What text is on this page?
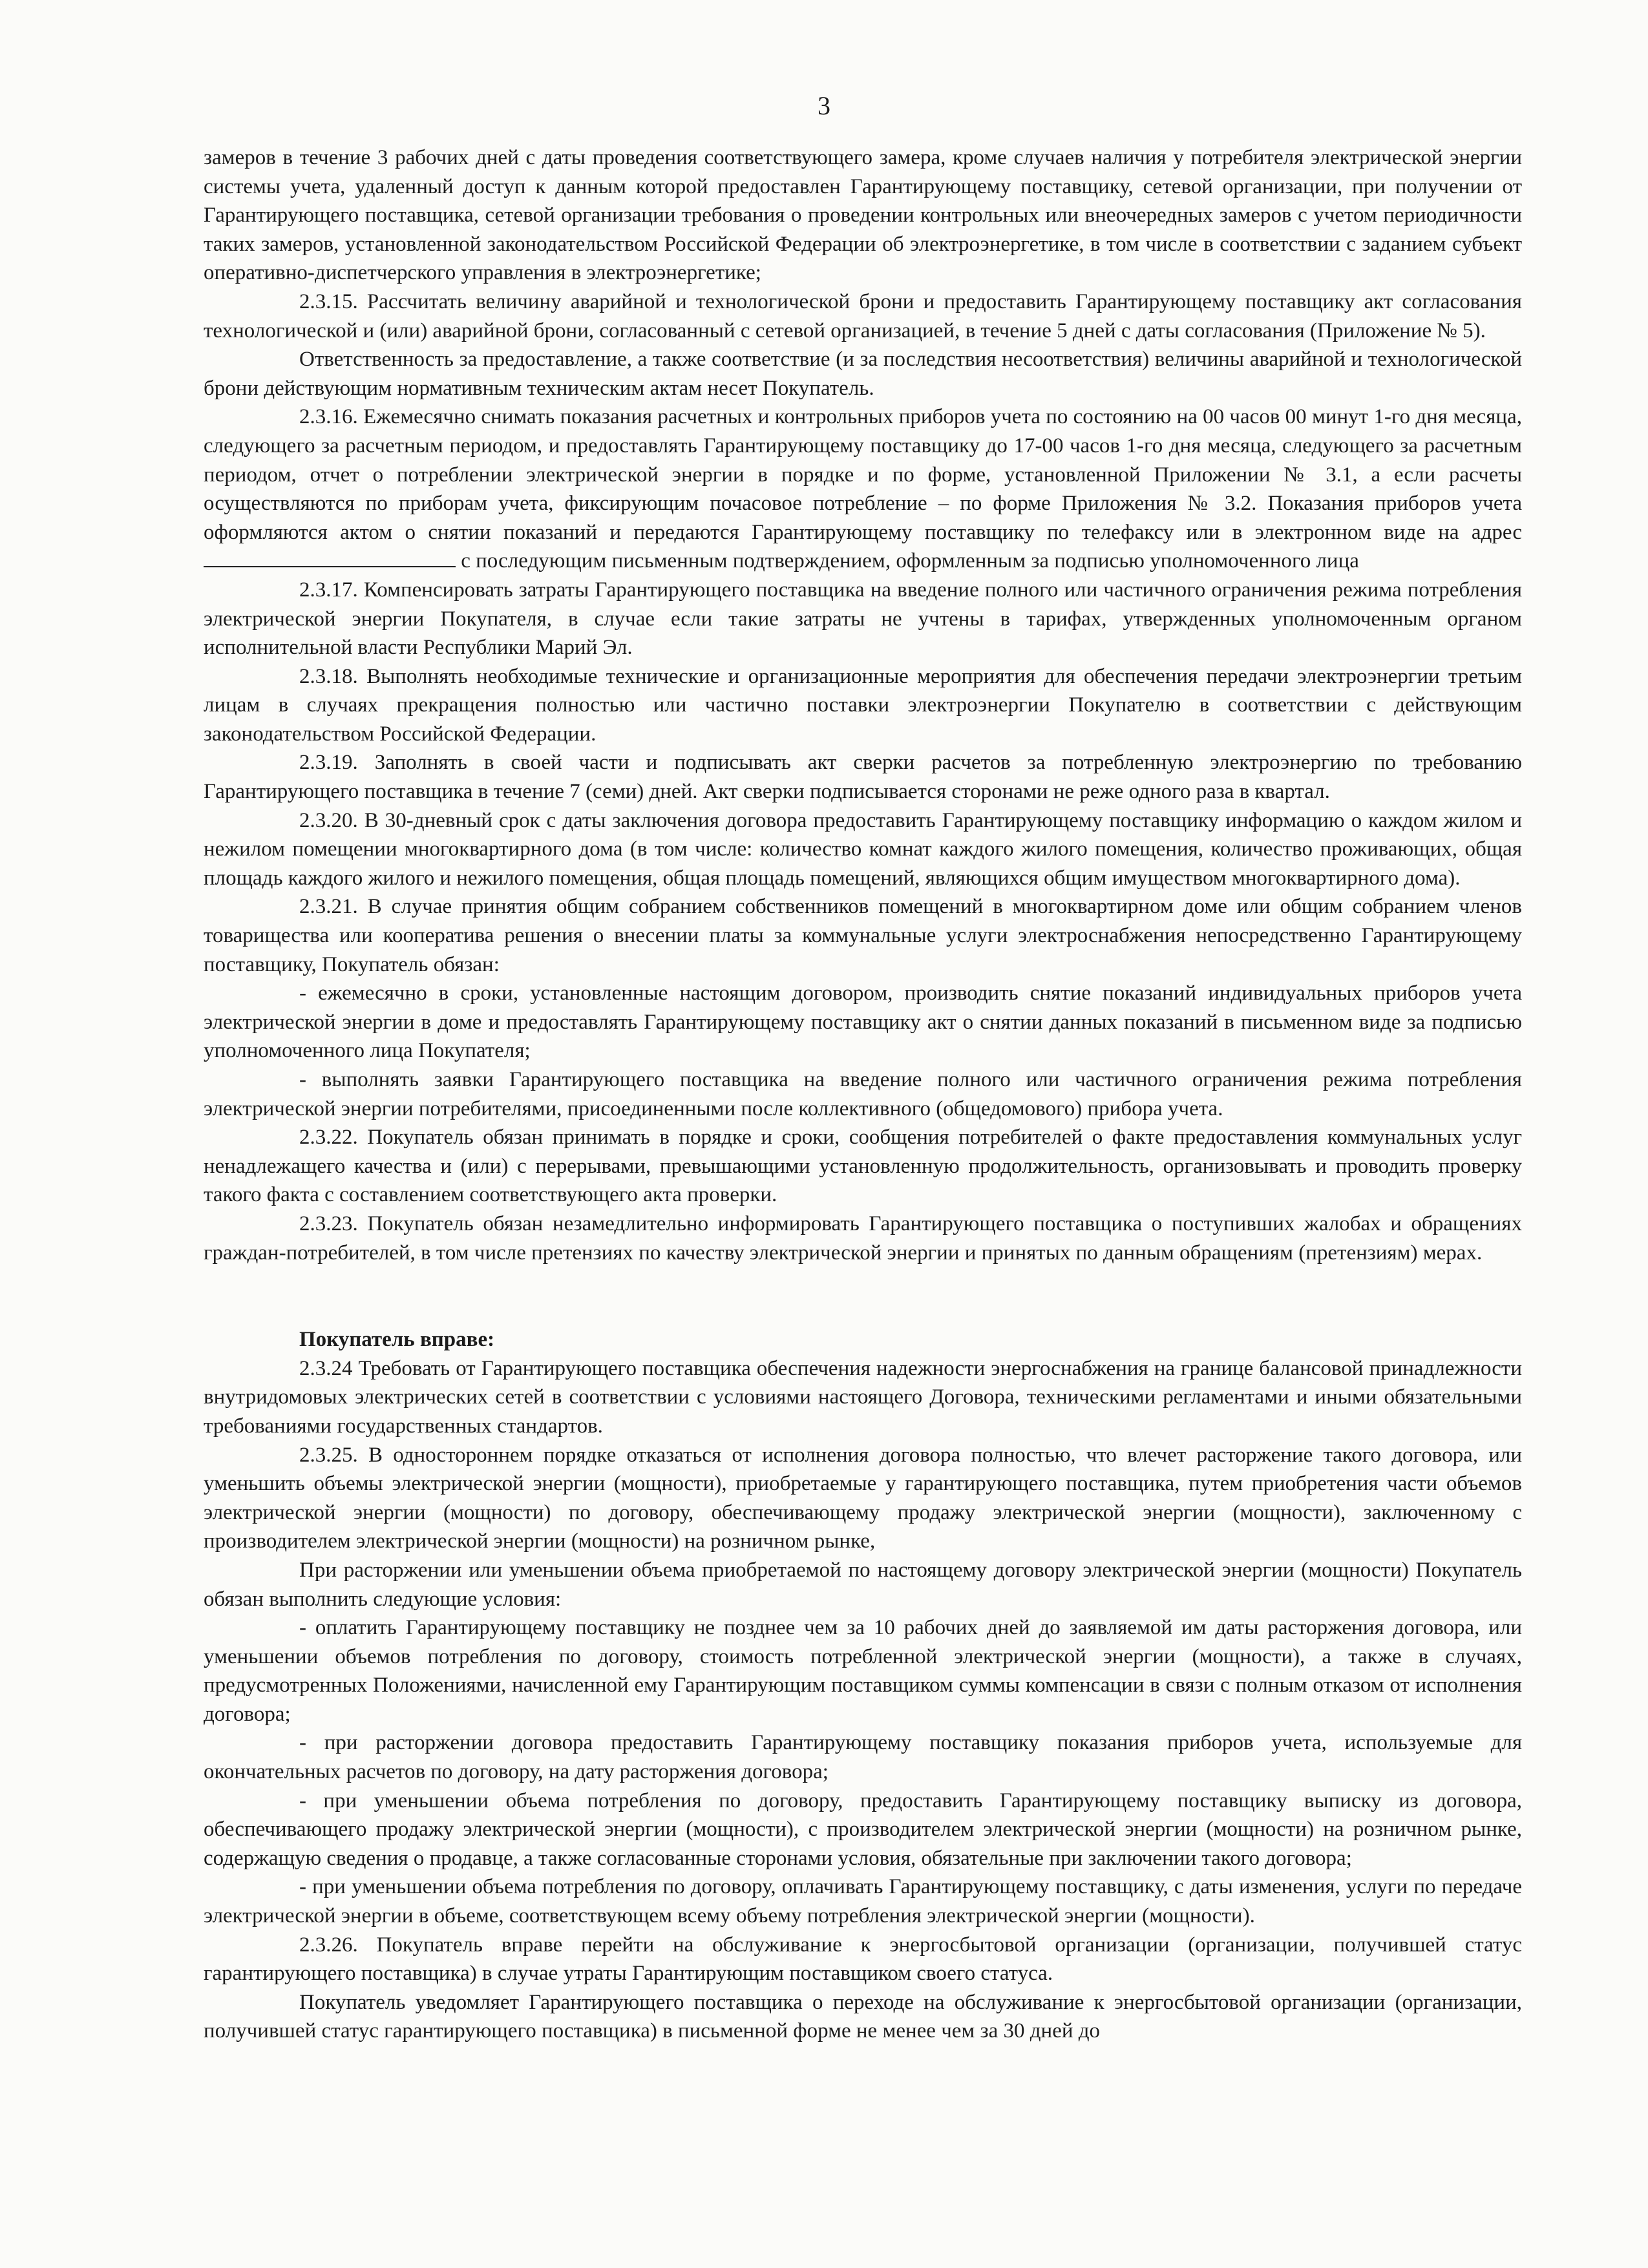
3

замеров в течение 3 рабочих дней с даты проведения соответствующего замера, кроме случаев наличия у потребителя электрической энергии системы учета, удаленный доступ к данным которой предоставлен Гарантирующему поставщику, сетевой организации, при получении от Гарантирующего поставщика, сетевой организации требования о проведении контрольных или внеочередных замеров с учетом периодичности таких замеров, установленной законодательством Российской Федерации об электроэнергетике, в том числе в соответствии с заданием субъект оперативно-диспетчерского управления в электроэнергетике;

2.3.15. Рассчитать величину аварийной и технологической брони и предоставить Гарантирующему поставщику акт согласования технологической и (или) аварийной брони, согласованный с сетевой организацией, в течение 5 дней с даты согласования (Приложение № 5).

Ответственность за предоставление, а также соответствие (и за последствия несоответствия) величины аварийной и технологической брони действующим нормативным техническим актам несет Покупатель.

2.3.16. Ежемесячно снимать показания расчетных и контрольных приборов учета по состоянию на 00 часов 00 минут 1-го дня месяца, следующего за расчетным периодом, и предоставлять Гарантирующему поставщику до 17-00 часов 1-го дня месяца, следующего за расчетным периодом, отчет о потреблении электрической энергии в порядке и по форме, установленной Приложении № 3.1, а если расчеты осуществляются по приборам учета, фиксирующим почасовое потребление – по форме Приложения № 3.2. Показания приборов учета оформляются актом о снятии показаний и передаются Гарантирующему поставщику по телефаксу или в электронном виде на адрес с последующим письменным подтверждением, оформленным за подписью уполномоченного лица

2.3.17. Компенсировать затраты Гарантирующего поставщика на введение полного или частичного ограничения режима потребления электрической энергии Покупателя, в случае если такие затраты не учтены в тарифах, утвержденных уполномоченным органом исполнительной власти Республики Марий Эл.

2.3.18. Выполнять необходимые технические и организационные мероприятия для обеспечения передачи электроэнергии третьим лицам в случаях прекращения полностью или частично поставки электроэнергии Покупателю в соответствии с действующим законодательством Российской Федерации.

2.3.19. Заполнять в своей части и подписывать акт сверки расчетов за потребленную электроэнергию по требованию Гарантирующего поставщика в течение 7 (семи) дней. Акт сверки подписывается сторонами не реже одного раза в квартал.

2.3.20. В 30-дневный срок с даты заключения договора предоставить Гарантирующему поставщику информацию о каждом жилом и нежилом помещении многоквартирного дома (в том числе: количество комнат каждого жилого помещения, количество проживающих, общая площадь каждого жилого и нежилого помещения, общая площадь помещений, являющихся общим имуществом многоквартирного дома).

2.3.21. В случае принятия общим собранием собственников помещений в многоквартирном доме или общим собранием членов товарищества или кооператива решения о внесении платы за коммунальные услуги электроснабжения непосредственно Гарантирующему поставщику, Покупатель обязан:

- ежемесячно в сроки, установленные настоящим договором, производить снятие показаний индивидуальных приборов учета электрической энергии в доме и предоставлять Гарантирующему поставщику акт о снятии данных показаний в письменном виде за подписью уполномоченного лица Покупателя;

- выполнять заявки Гарантирующего поставщика на введение полного или частичного ограничения режима потребления электрической энергии потребителями, присоединенными после коллективного (общедомового) прибора учета.

2.3.22. Покупатель обязан принимать в порядке и сроки, сообщения потребителей о факте предоставления коммунальных услуг ненадлежащего качества и (или) с перерывами, превышающими установленную продолжительность, организовывать и проводить проверку такого факта с составлением соответствующего акта проверки.

2.3.23. Покупатель обязан незамедлительно информировать Гарантирующего поставщика о поступивших жалобах и обращениях граждан-потребителей, в том числе претензиях по качеству электрической энергии и принятых по данным обращениям (претензиям) мерах.

Покупатель вправе:

2.3.24 Требовать от Гарантирующего поставщика обеспечения надежности энергоснабжения на границе балансовой принадлежности внутридомовых электрических сетей в соответствии с условиями настоящего Договора, техническими регламентами и иными обязательными требованиями государственных стандартов.

2.3.25. В одностороннем порядке отказаться от исполнения договора полностью, что влечет расторжение такого договора, или уменьшить объемы электрической энергии (мощности), приобретаемые у гарантирующего поставщика, путем приобретения части объемов электрической энергии (мощности) по договору, обеспечивающему продажу электрической энергии (мощности), заключенному с производителем электрической энергии (мощности) на розничном рынке,

При расторжении или уменьшении объема приобретаемой по настоящему договору электрической энергии (мощности) Покупатель обязан выполнить следующие условия:

- оплатить Гарантирующему поставщику не позднее чем за 10 рабочих дней до заявляемой им даты расторжения договора, или уменьшении объемов потребления по договору, стоимость потребленной электрической энергии (мощности), а также в случаях, предусмотренных Положениями, начисленной ему Гарантирующим поставщиком суммы компенсации в связи с полным отказом от исполнения договора;

- при расторжении договора предоставить Гарантирующему поставщику показания приборов учета, используемые для окончательных расчетов по договору, на дату расторжения договора;

- при уменьшении объема потребления по договору, предоставить Гарантирующему поставщику выписку из договора, обеспечивающего продажу электрической энергии (мощности), с производителем электрической энергии (мощности) на розничном рынке, содержащую сведения о продавце, а также согласованные сторонами условия, обязательные при заключении такого договора;

- при уменьшении объема потребления по договору, оплачивать Гарантирующему поставщику, с даты изменения, услуги по передаче электрической энергии в объеме, соответствующем всему объему потребления электрической энергии (мощности).

2.3.26. Покупатель вправе перейти на обслуживание к энергосбытовой организации (организации, получившей статус гарантирующего поставщика) в случае утраты Гарантирующим поставщиком своего статуса.

Покупатель уведомляет Гарантирующего поставщика о переходе на обслуживание к энергосбытовой организации (организации, получившей статус гарантирующего поставщика) в письменной форме не менее чем за 30 дней до
